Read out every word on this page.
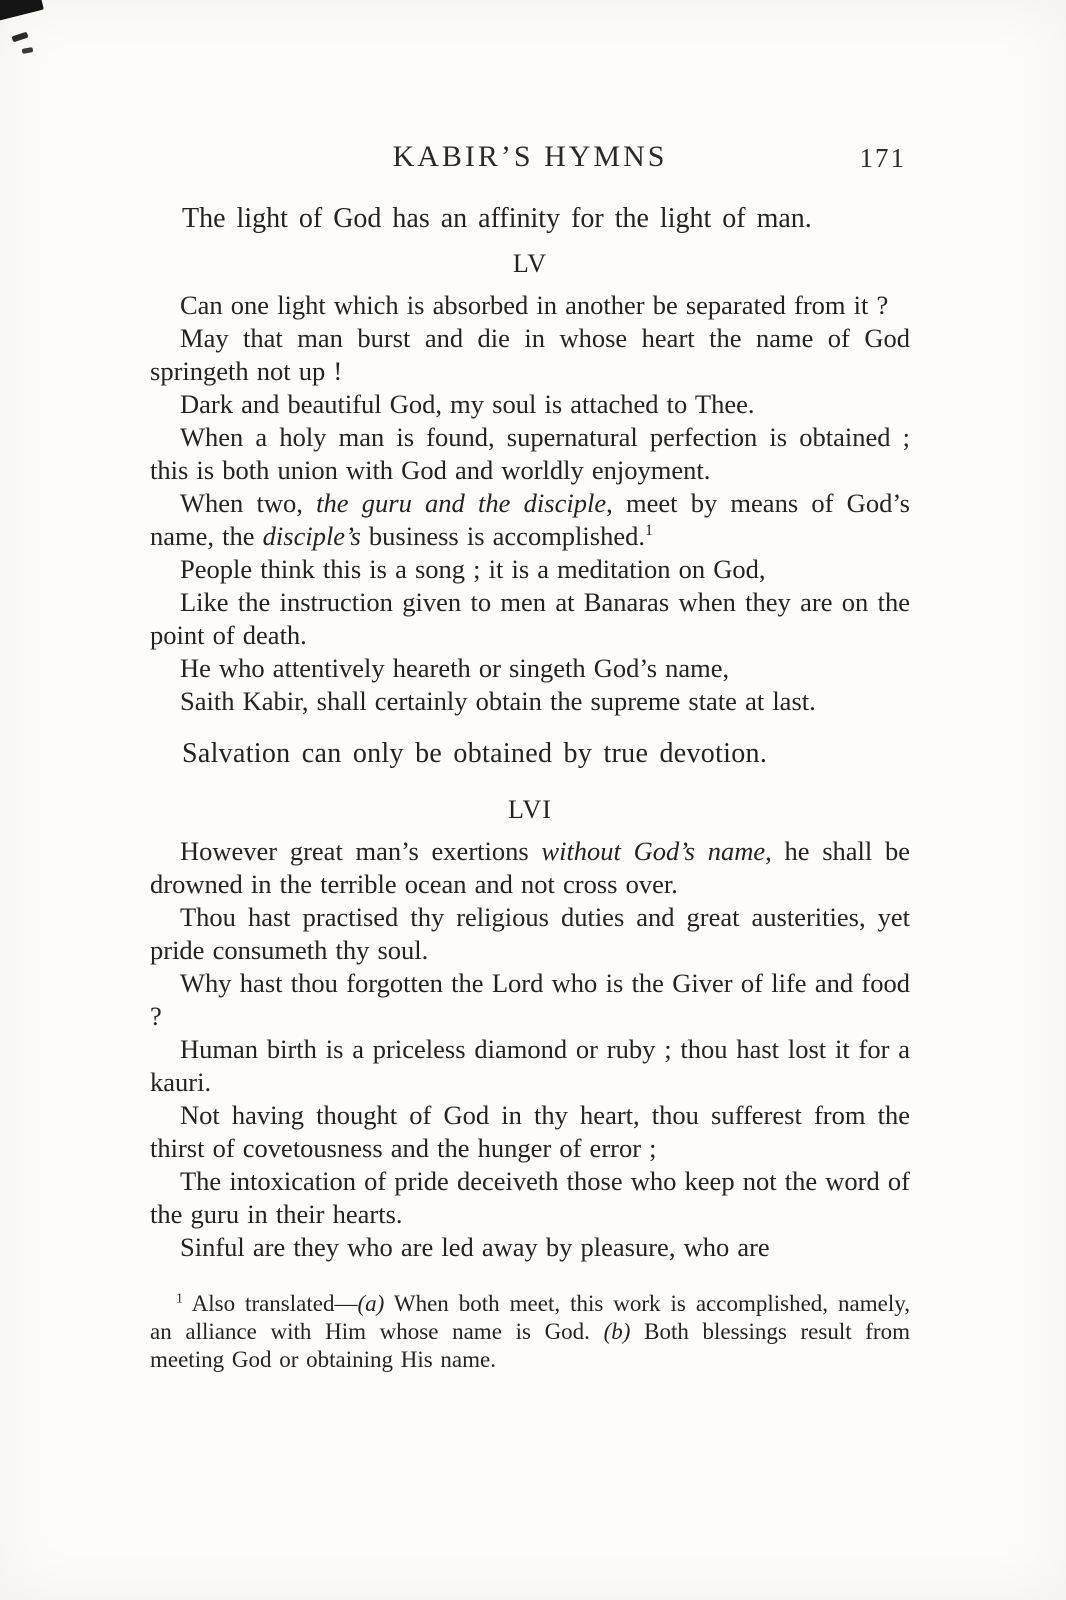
KABIR’S HYMNS	171

The light of God has an affinity for the light of man.

LV

Can one light which is absorbed in another be separated from it ?

May that man burst and die in whose heart the name of God springeth not up !

Dark and beautiful God, my soul is attached to Thee.

When a holy man is found, supernatural perfection is obtained ; this is both union with God and worldly enjoyment.

When two, the guru and the disciple, meet by means of God’s name, the disciple’s business is accomplished.$^1$

People think this is a song ; it is a meditation on God,

Like the instruction given to men at Banaras when they are on the point of death.

He who attentively heareth or singeth God’s name,

Saith Kabir, shall certainly obtain the supreme state at last.

Salvation can only be obtained by true devotion.

LVI

However great man’s exertions without God’s name, he shall be drowned in the terrible ocean and not cross over.

Thou hast practised thy religious duties and great austerities, yet pride consumeth thy soul.

Why hast thou forgotten the Lord who is the Giver of life and food ?

Human birth is a priceless diamond or ruby ; thou hast lost it for a kauri.

Not having thought of God in thy heart, thou sufferest from the thirst of covetousness and the hunger of error ;

The intoxication of pride deceiveth those who keep not the word of the guru in their hearts.

Sinful are they who are led away by pleasure, who are

$^1$ Also translated—(a) When both meet, this work is accomplished, namely, an alliance with Him whose name is God. (b) Both blessings result from meeting God or obtaining His name.
